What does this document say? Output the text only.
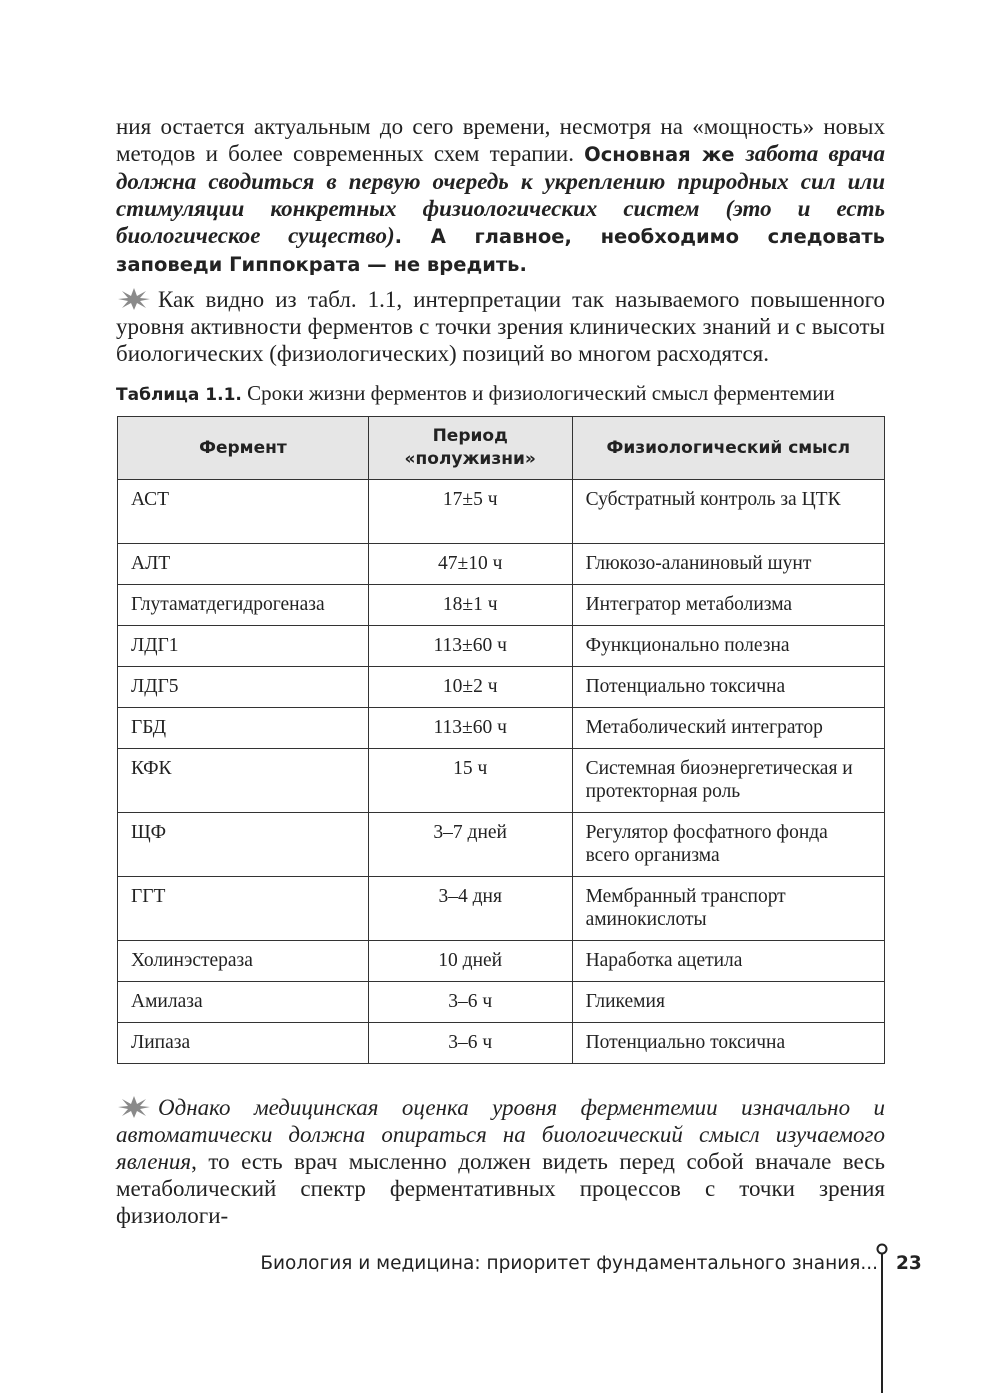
ния остается актуальным до сего времени, несмотря на «мощность» новых методов и более современных схем терапии. Основная же забота врача должна сводиться в первую очередь к укреплению природных сил или стимуляции конкретных физиологических систем (это и есть биологическое существо). А главное, необходимо следовать заповеди Гиппократа — не вредить.
Как видно из табл. 1.1, интерпретации так называемого повышенного уровня активности ферментов с точки зрения клинических знаний и с высоты биологических (физиологических) позиций во многом расходятся.
Таблица 1.1. Сроки жизни ферментов и физиологический смысл ферментемии
Фермент	Период «полужизни»	Физиологический смысл
АСТ	17±5 ч	Субстратный контроль за ЦТК
АЛТ	47±10 ч	Глюкозо-аланиновый шунт
Глутаматдегидрогеназа	18±1 ч	Интегратор метаболизма
ЛДГ1	113±60 ч	Функционально полезна
ЛДГ5	10±2 ч	Потенциально токсична
ГБД	113±60 ч	Метаболический интегратор
КФК	15 ч	Системная биоэнергетическая и протекторная роль
ЩФ	3–7 дней	Регулятор фосфатного фонда всего организма
ГГТ	3–4 дня	Мембранный транспорт аминокислоты
Холинэстераза	10 дней	Наработка ацетила
Амилаза	3–6 ч	Гликемия
Липаза	3–6 ч	Потенциально токсична
Однако медицинская оценка уровня ферментемии изначально и автоматически должна опираться на биологический смысл изучаемого явления, то есть врач мысленно должен видеть перед собой вначале весь метаболический спектр ферментативных процессов с точки зрения физиологи-
Биология и медицина: приоритет фундаментального знания... 23
